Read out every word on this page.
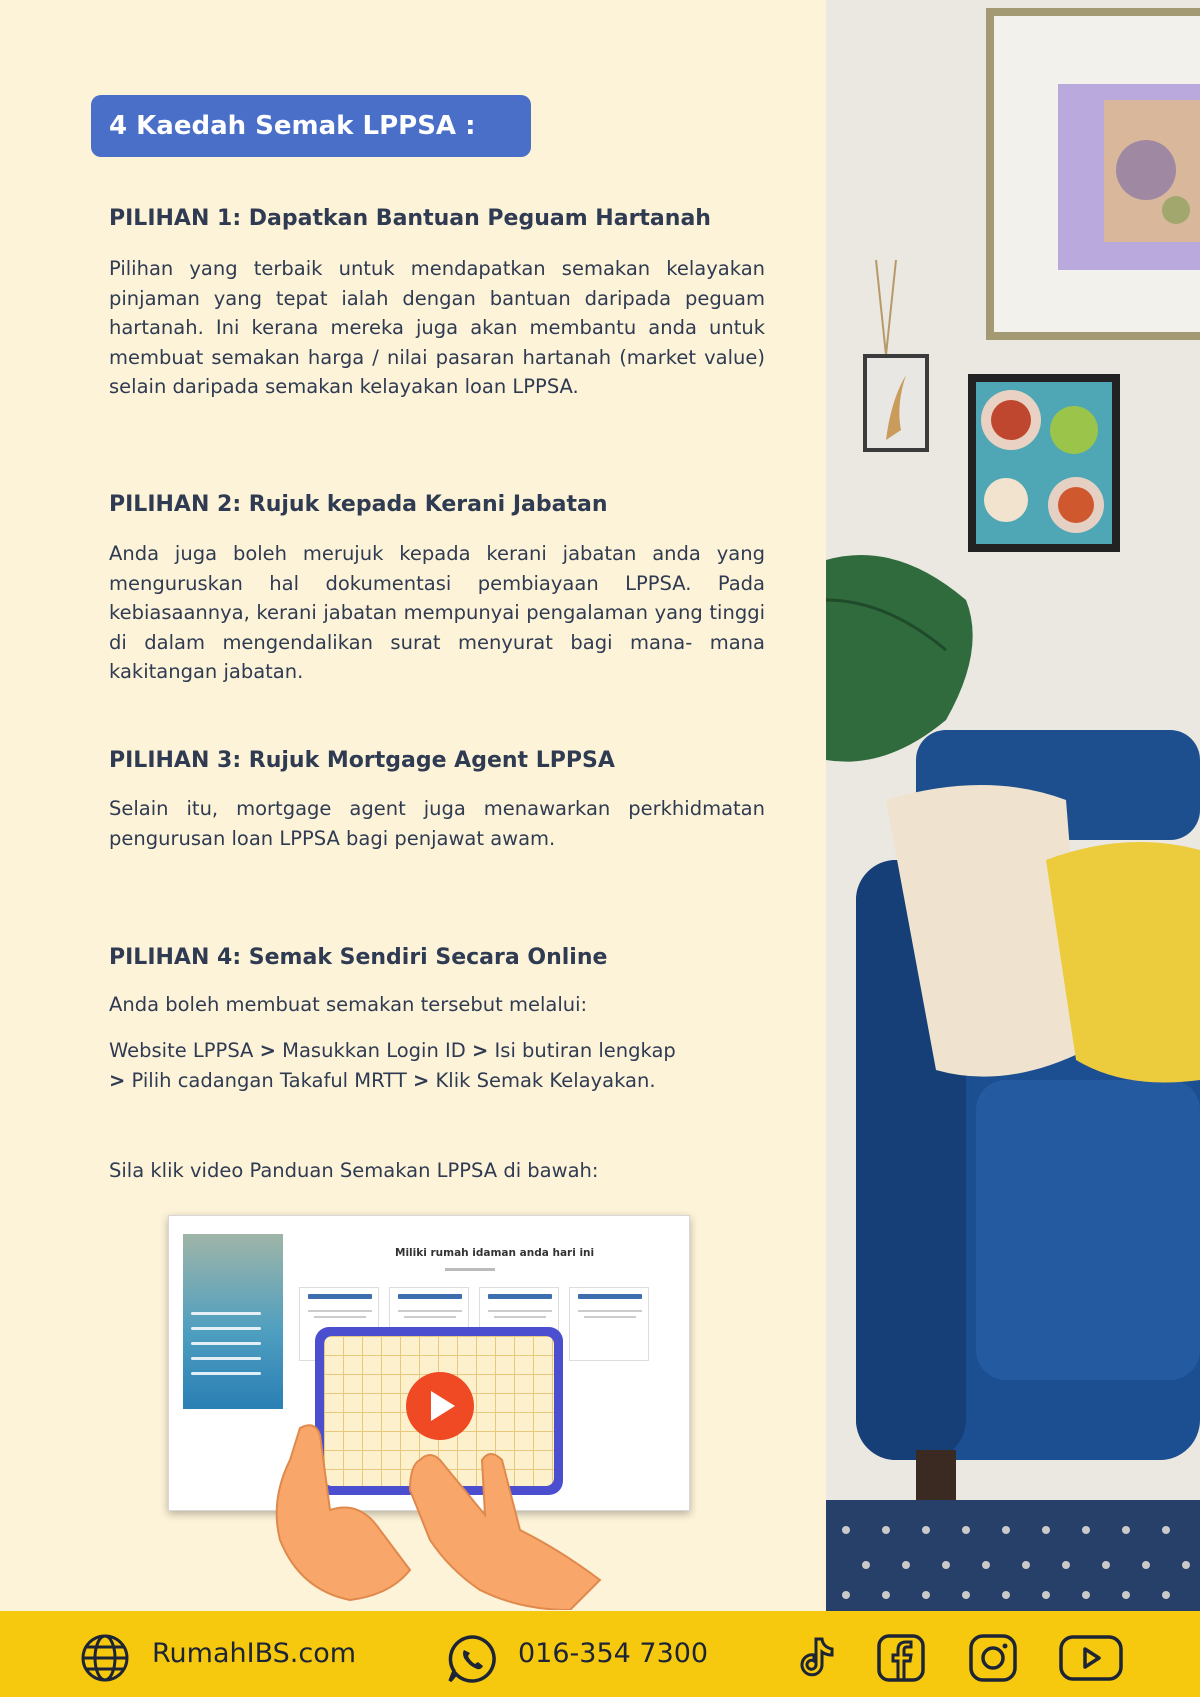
4 Kaedah Semak LPPSA :
PILIHAN 1: Dapatkan Bantuan Peguam Hartanah

Pilihan yang terbaik untuk mendapatkan semakan kelayakan pinjaman yang tepat ialah dengan bantuan daripada peguam hartanah. Ini kerana mereka juga akan membantu anda untuk membuat semakan harga / nilai pasaran hartanah (market value) selain daripada semakan kelayakan loan LPPSA.

PILIHAN 2: Rujuk kepada Kerani Jabatan

Anda juga boleh merujuk kepada kerani jabatan anda yang menguruskan hal dokumentasi pembiayaan LPPSA. Pada kebiasaannya, kerani jabatan mempunyai pengalaman yang tinggi di dalam mengendalikan surat menyurat bagi mana- mana kakitangan jabatan.

PILIHAN 3: Rujuk Mortgage Agent LPPSA

Selain itu, mortgage agent juga menawarkan perkhidmatan pengurusan loan LPPSA bagi penjawat awam.

PILIHAN 4: Semak Sendiri Secara Online

Anda boleh membuat semakan tersebut melalui:

Website LPPSA > Masukkan Login ID > Isi butiran lengkap
> Pilih cadangan Takaful MRTT > Klik Semak Kelayakan.

Sila klik video Panduan Semakan LPPSA di bawah:

Miliki rumah idaman anda hari ini
RumahIBS.com	016-354 7300
